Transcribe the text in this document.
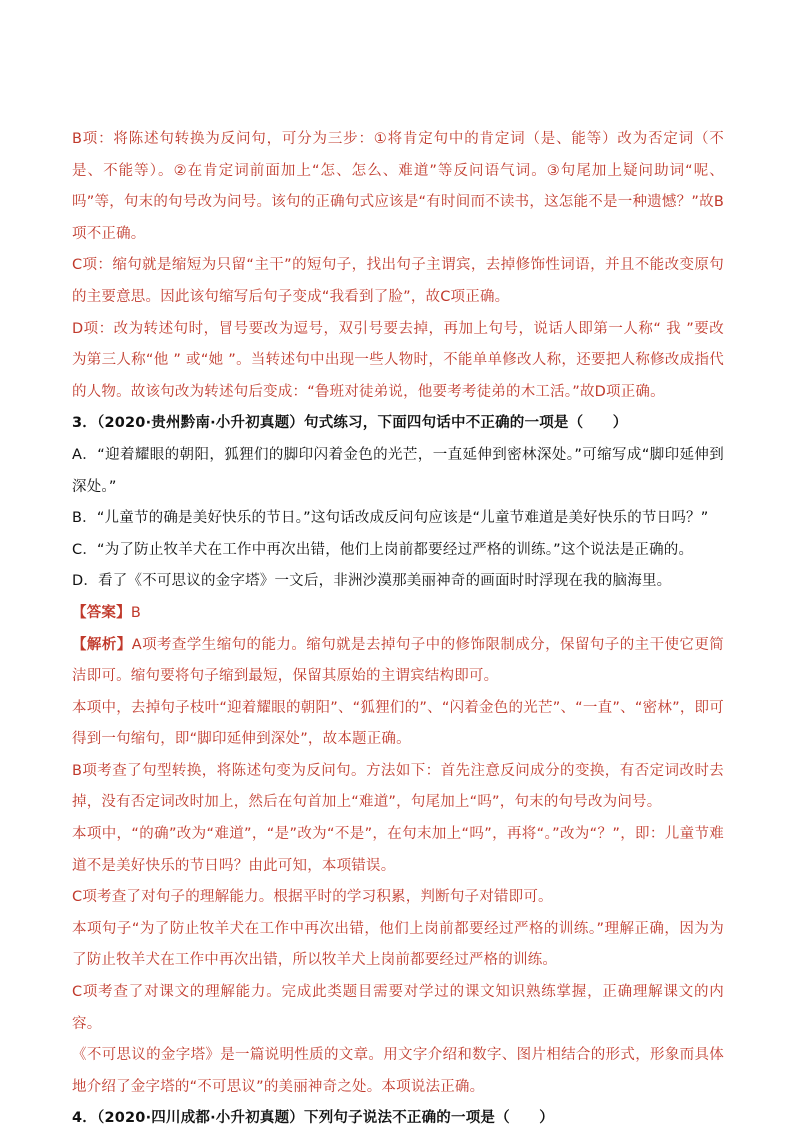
B项：将陈述句转换为反问句，可分为三步：①将肯定句中的肯定词（是、能等）改为否定词（不是、不能等）。②在肯定词前面加上“怎、怎么、难道”等反问语气词。③句尾加上疑问助词“呢、吗”等，句末的句号改为问号。该句的正确句式应该是“有时间而不读书，这怎能不是一种遗憾？”故B项不正确。

C项：缩句就是缩短为只留“主干”的短句子，找出句子主谓宾，去掉修饰性词语，并且不能改变原句的主要意思。因此该句缩写后句子变成“我看到了脸”，故C项正确。

D项：改为转述句时，冒号要改为逗号，双引号要去掉，再加上句号，说话人即第一人称“ 我 ”要改 为第三人称“他 ” 或“她 ”。当转述句中出现一些人物时，不能单单修改人称，还要把人称修改成指代的人物。故该句改为转述句后变成：“鲁班对徒弟说，他要考考徒弟的木工活。”故D项正确。

3．（2020·贵州黔南·小升初真题）句式练习，下面四句话中不正确的一项是（　　）

A．“迎着耀眼的朝阳，狐狸们的脚印闪着金色的光芒，一直延伸到密林深处。”可缩写成“脚印延伸到深处。”

B．“儿童节的确是美好快乐的节日。”这句话改成反问句应该是“儿童节难道是美好快乐的节日吗？”

C．“为了防止牧羊犬在工作中再次出错，他们上岗前都要经过严格的训练。”这个说法是正确的。

D．看了《不可思议的金字塔》一文后，非洲沙漠那美丽神奇的画面时时浮现在我的脑海里。

【答案】B

【解析】A项考查学生缩句的能力。缩句就是去掉句子中的修饰限制成分，保留句子的主干使它更简洁即可。缩句要将句子缩到最短，保留其原始的主谓宾结构即可。

本项中，去掉句子枝叶“迎着耀眼的朝阳”、“狐狸们的”、“闪着金色的光芒”、“一直”、“密林”，即可得到一句缩句，即“脚印延伸到深处”，故本题正确。

B项考查了句型转换，将陈述句变为反问句。方法如下：首先注意反问成分的变换，有否定词改时去掉，没有否定词改时加上，然后在句首加上“难道”，句尾加上“吗”，句末的句号改为问号。

本项中，“的确”改为“难道”，“是”改为“不是”，在句末加上“吗”，再将“。”改为“？”，即：儿童节难道不是美好快乐的节日吗？由此可知，本项错误。

C项考查了对句子的理解能力。根据平时的学习积累，判断句子对错即可。

本项句子“为了防止牧羊犬在工作中再次出错，他们上岗前都要经过严格的训练。”理解正确，因为为了防止牧羊犬在工作中再次出错，所以牧羊犬上岗前都要经过严格的训练。

C项考查了对课文的理解能力。完成此类题目需要对学过的课文知识熟练掌握，正确理解课文的内容。

《不可思议的金字塔》是一篇说明性质的文章。用文字介绍和数字、图片相结合的形式，形象而具体地介绍了金字塔的“不可思议”的美丽神奇之处。本项说法正确。

4．（2020·四川成都·小升初真题）下列句子说法不正确的一项是（　　）
